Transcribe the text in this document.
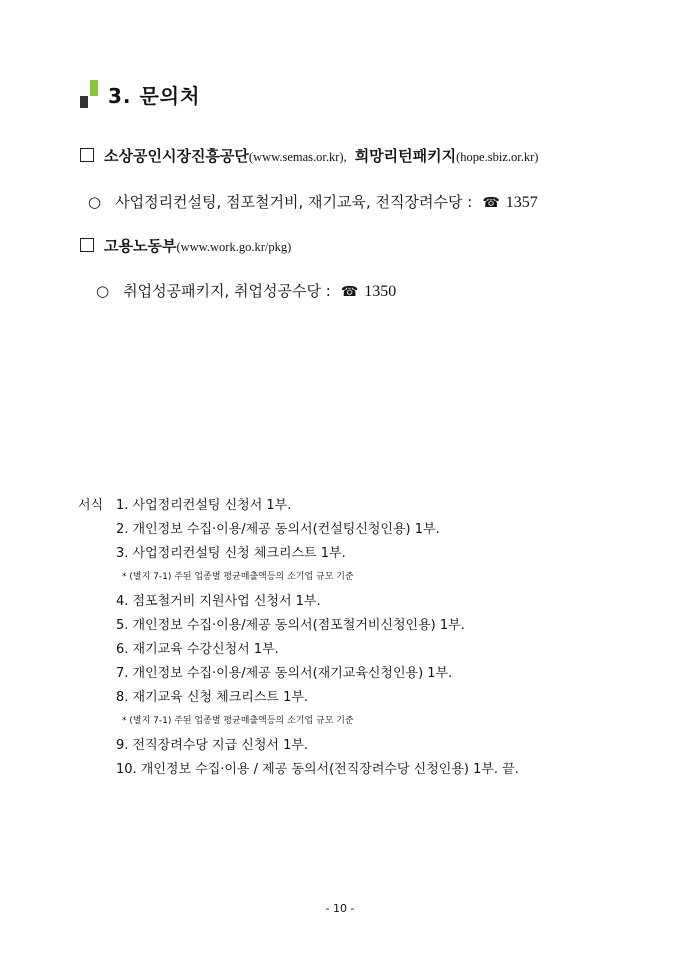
3. 문의처
소상공인시장진흥공단 (www.semas.or.kr), 희망리턴패키지 (hope.sbiz.or.kr)
○ 사업정리컨설팅, 점포철거비, 재기교육, 전직장려수당 : ☎ 1357
고용노동부 (www.work.go.kr/pkg)
○ 취업성공패키지, 취업성공수당 : ☎ 1350
서식 1. 사업정리컨설팅 신청서 1부.
2. 개인정보 수집·이용/제공 동의서(컨설팅신청인용) 1부.
3. 사업정리컨설팅 신청 체크리스트 1부.
* (별지 7-1) 주된 업종별 평균매출액등의 소기업 규모 기준
4. 점포철거비 지원사업 신청서 1부.
5. 개인정보 수집·이용/제공 동의서(점포철거비신청인용) 1부.
6. 재기교육 수강신청서 1부.
7. 개인정보 수집·이용/제공 동의서(재기교육신청인용) 1부.
8. 재기교육 신청 체크리스트 1부.
* (별지 7-1) 주된 업종별 평균매출액등의 소기업 규모 기준
9. 전직장려수당 지급 신청서 1부.
10. 개인정보 수집·이용 / 제공 동의서(전직장려수당 신청인용) 1부. 끝.
- 10 -
